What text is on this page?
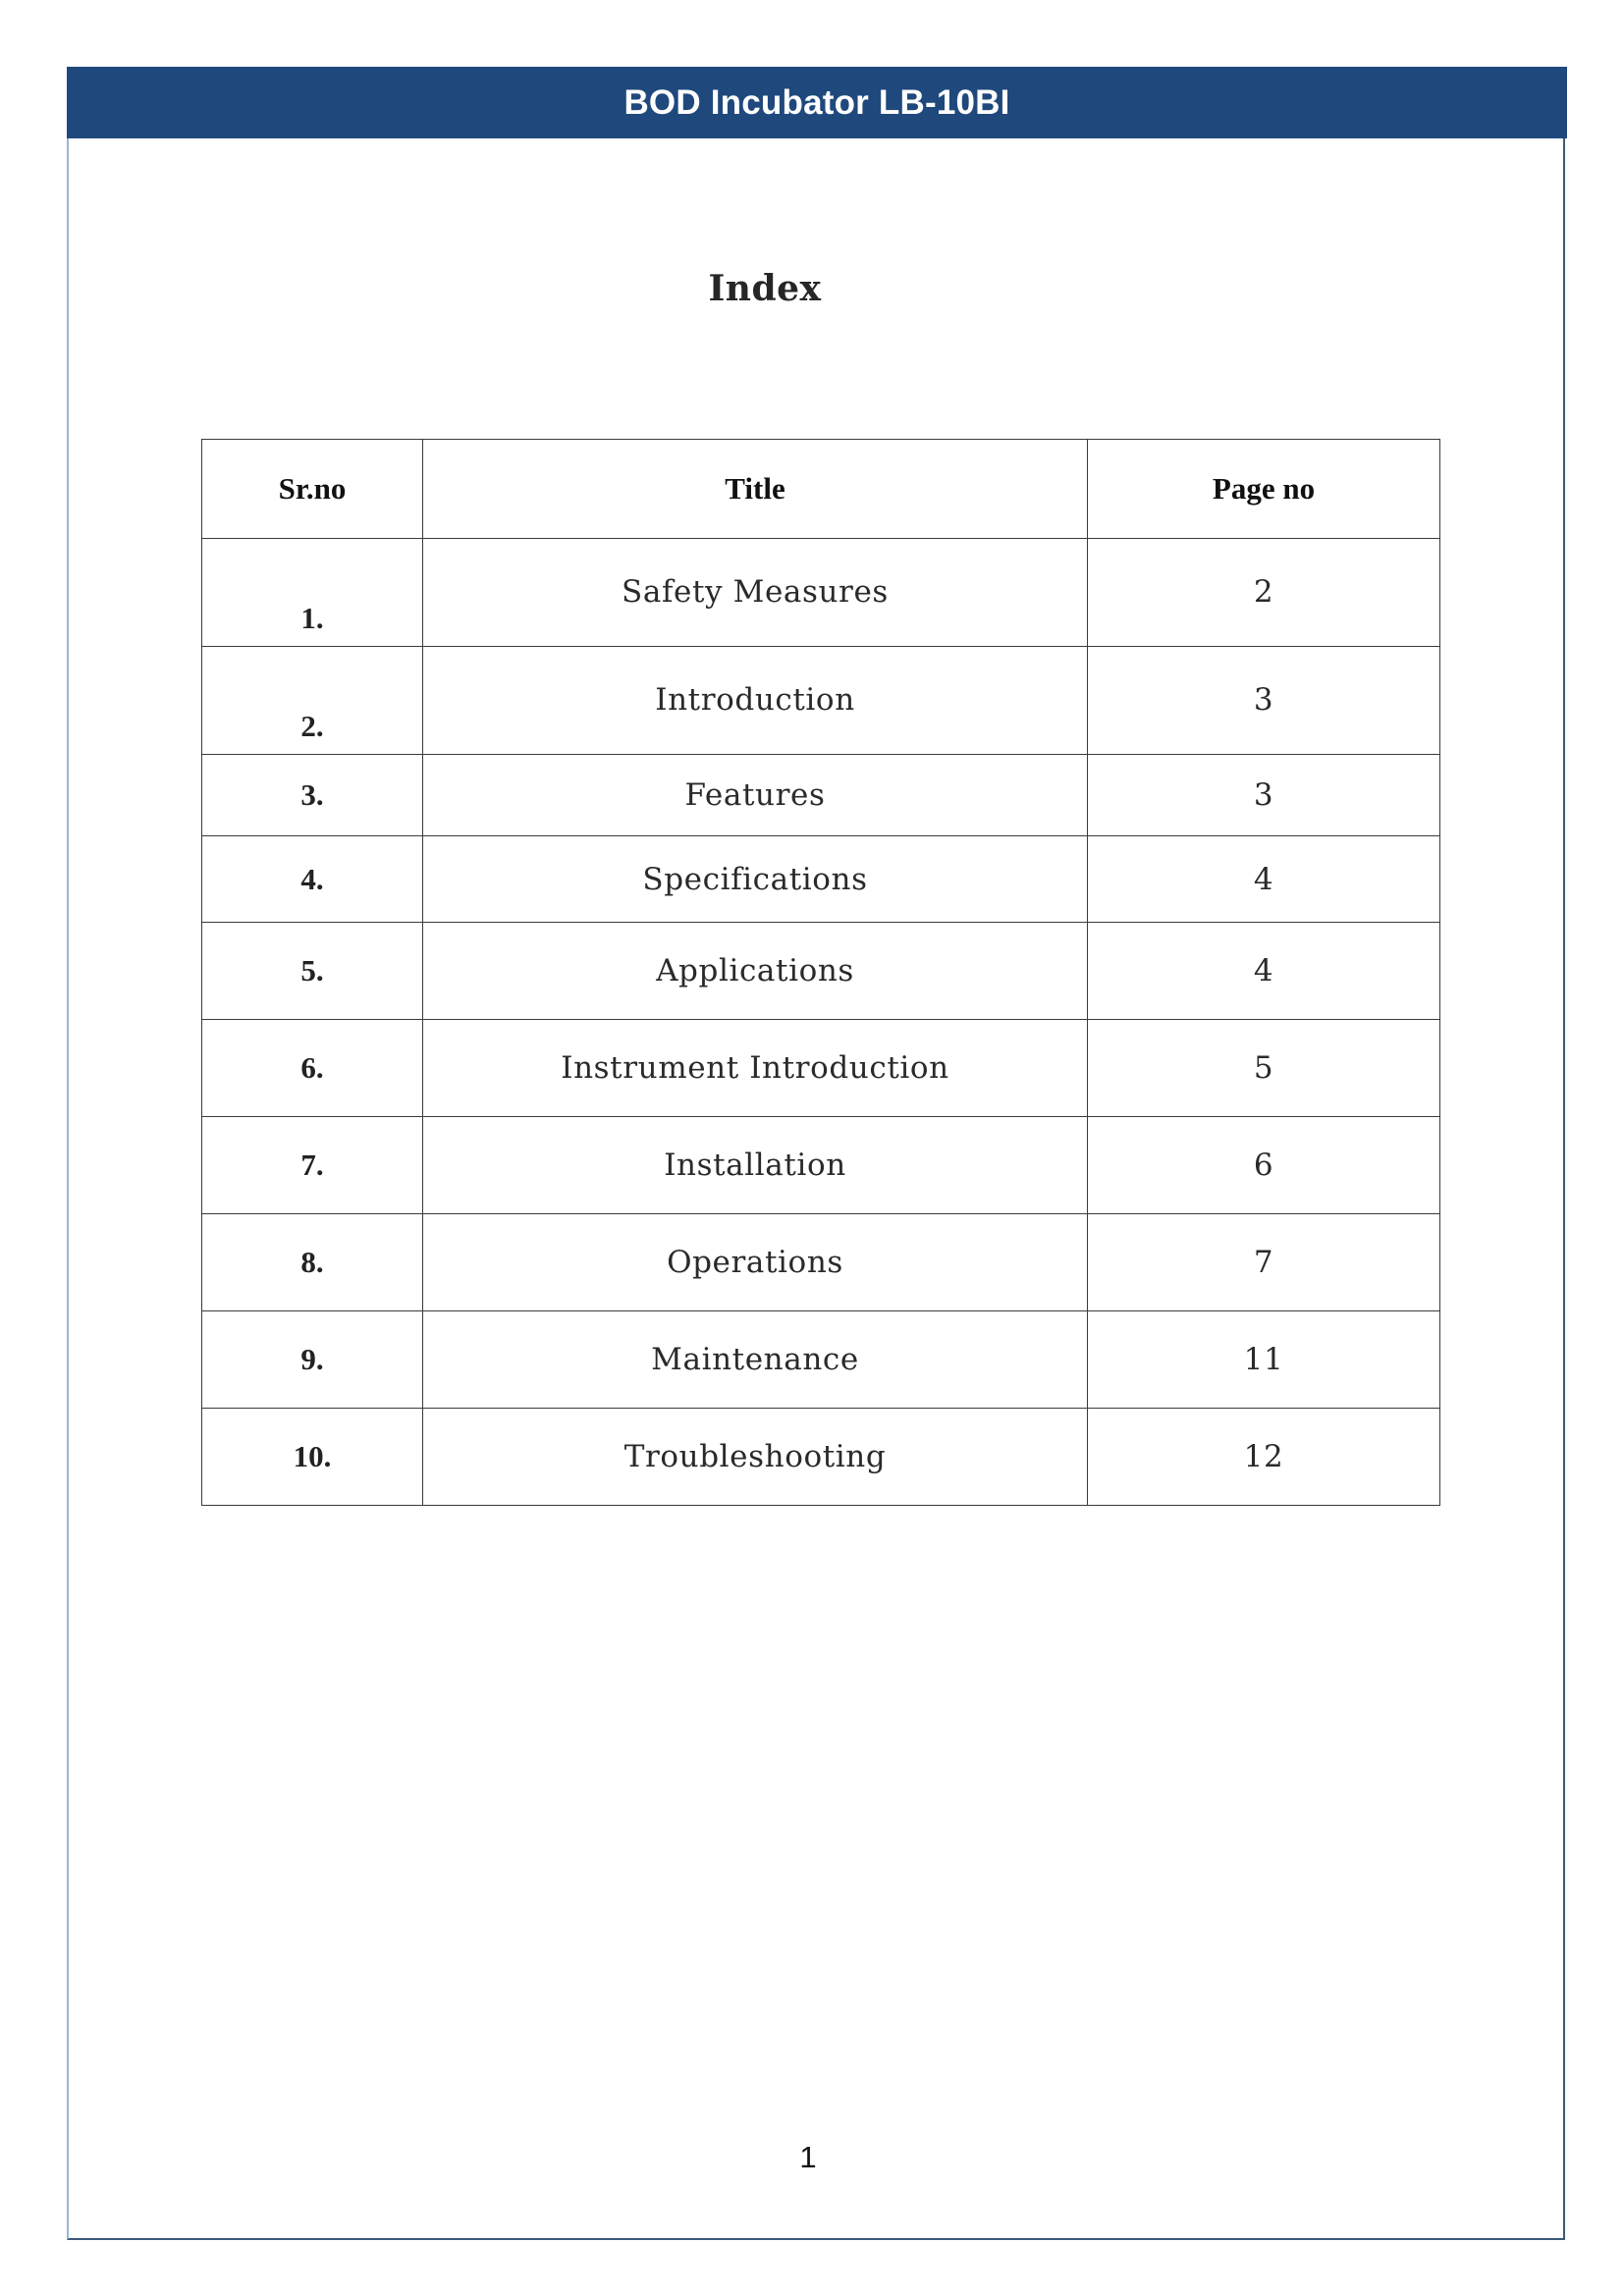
BOD Incubator LB-10BI
Index
Sr.no	Title	Page no
1.	Safety Measures	2
2.	Introduction	3
3.	Features	3
4.	Specifications	4
5.	Applications	4
6.	Instrument Introduction	5
7.	Installation	6
8.	Operations	7
9.	Maintenance	11
10.	Troubleshooting	12
1
